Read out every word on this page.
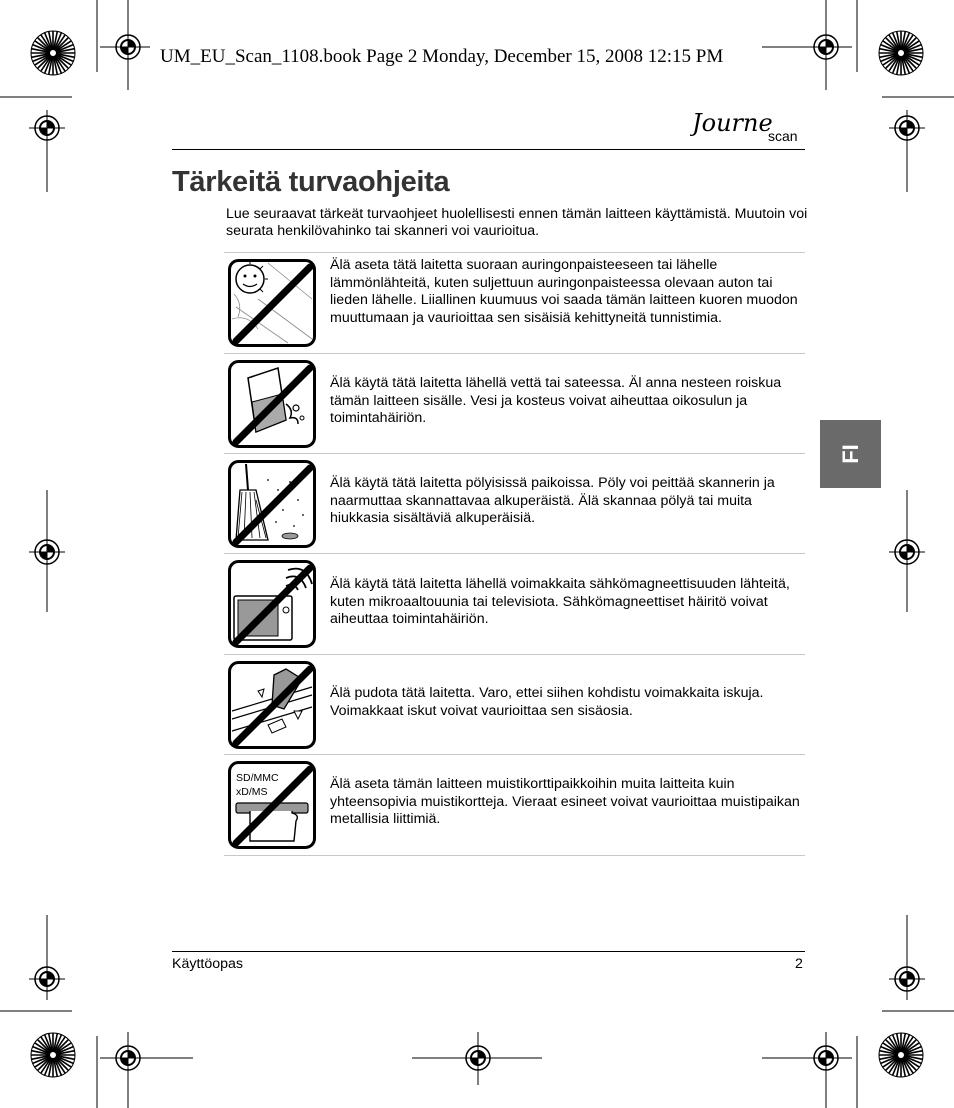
UM_EU_Scan_1108.book Page 2 Monday, December 15, 2008 12:15 PM
Journe
scan
Tärkeitä turvaohjeita
Lue seuraavat tärkeät turvaohjeet huolellisesti ennen tämän laitteen käyttämistä. Muutoin voi seurata henkilövahinko tai skanneri voi vaurioitua.
Älä aseta tätä laitetta suoraan auringonpaisteeseen tai lähelle lämmönlähteitä, kuten suljettuun auringonpaisteessa olevaan auton tai lieden lähelle. Liiallinen kuumuus voi saada tämän laitteen kuoren muodon muuttumaan ja vaurioittaa sen sisäisiä kehittyneitä tunnistimia.
Älä käytä tätä laitetta lähellä vettä tai sateessa. Äl anna nesteen roiskua tämän laitteen sisälle. Vesi ja kosteus voivat aiheuttaa oikosulun ja toimintahäiriön.
Älä käytä tätä laitetta pölyisissä paikoissa. Pöly voi peittää skannerin ja naarmuttaa skannattavaa alkuperäistä. Älä skannaa pölyä tai muita hiukkasia sisältäviä alkuperäisiä.
Älä käytä tätä laitetta lähellä voimakkaita sähkömagneettisuuden lähteitä, kuten mikroaaltouunia tai televisiota. Sähkömagneettiset häiritö voivat aiheuttaa toimintahäiriön.
Älä pudota tätä laitetta. Varo, ettei siihen kohdistu voimakkaita iskuja. Voimakkaat iskut voivat vaurioittaa sen sisäosia.
SD/MMC
xD/MS	Älä aseta tämän laitteen muistikorttipaikkoihin muita laitteita kuin yhteensopivia muistikortteja. Vieraat esineet voivat vaurioittaa muistipaikan metallisia liittimiä.
FI
Käyttöopas	2
